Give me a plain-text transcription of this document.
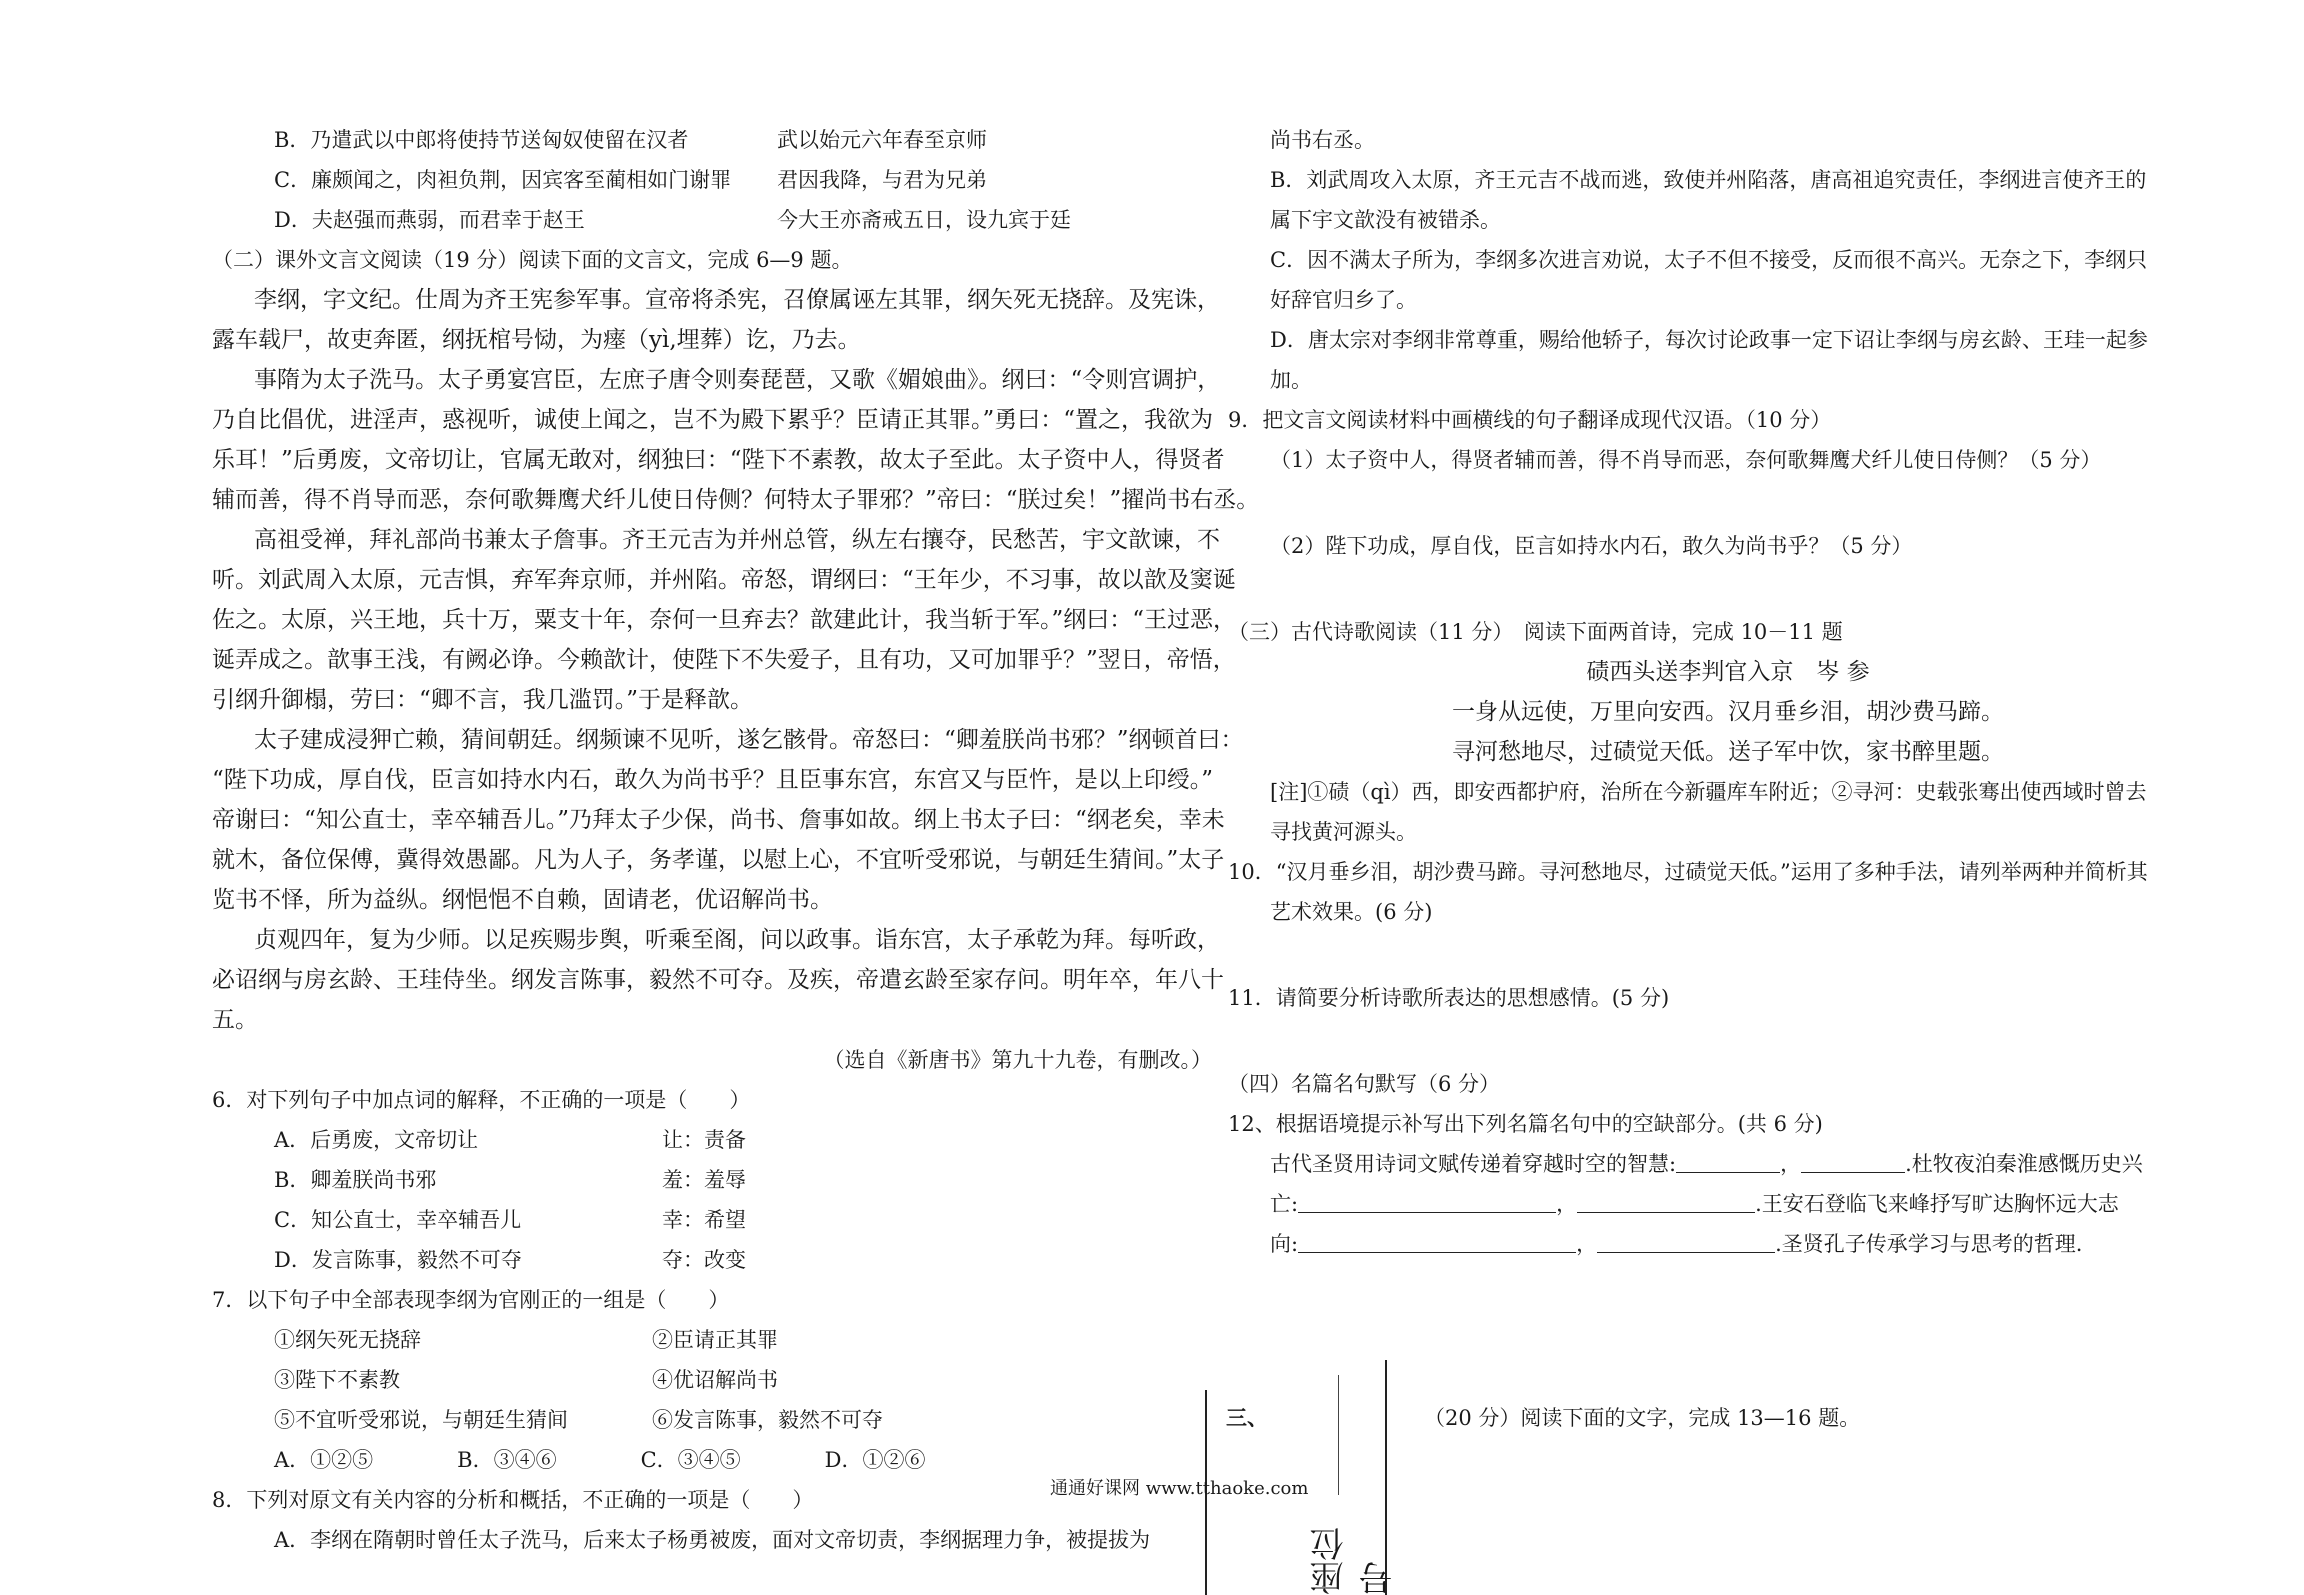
B．乃遣武以中郎将使持节送匈奴使留在汉者	武以始元六年春至京师
C．廉颇闻之，肉袒负荆，因宾客至蔺相如门谢罪 君因我降，与君为兄弟
D．夫赵强而燕弱，而君幸于赵王	今大王亦斋戒五日，设九宾于廷
（二）课外文言文阅读（19 分）阅读下面的文言文，完成 6—9 题。
李纲，字文纪。仕周为齐王宪参军事。宣帝将杀宪，召僚属诬左其罪，纲矢死无挠辞。及宪诛，
露车载尸，故吏奔匿，纲抚棺号恸，为瘗（yì,埋葬）讫，乃去。
事隋为太子洗马。太子勇宴宫臣，左庶子唐令则奏琵琶，又歌《媚娘曲》。纲曰：“令则宫调护，
乃自比倡优，进淫声，惑视听，诚使上闻之，岂不为殿下累乎？臣请正其罪。”勇曰：“置之，我欲为
乐耳！”后勇废，文帝切让，官属无敢对，纲独曰：“陛下不素教，故太子至此。太子资中人，得贤者
辅而善，得不肖导而恶，奈何歌舞鹰犬纤儿使日侍侧？何特太子罪邪？”帝曰：“朕过矣！”擢尚书右丞。
高祖受禅，拜礼部尚书兼太子詹事。齐王元吉为并州总管，纵左右攘夺，民愁苦，宇文歆谏，不
听。刘武周入太原，元吉惧，弃军奔京师，并州陷。帝怒，谓纲曰：“王年少，不习事，故以歆及窦诞
佐之。太原，兴王地，兵十万，粟支十年，奈何一旦弃去？歆建此计，我当斩于军。”纲曰：“王过恶，
诞弄成之。歆事王浅，有阙必诤。今赖歆计，使陛下不失爱子，且有功，又可加罪乎？”翌日，帝悟，
引纲升御榻，劳曰：“卿不言，我几滥罚。”于是释歆。
太子建成浸狎亡赖，猜间朝廷。纲频谏不见听，遂乞骸骨。帝怒曰：“卿羞朕尚书邪？”纲顿首曰：
“陛下功成，厚自伐，臣言如持水内石，敢久为尚书乎？且臣事东宫，东宫又与臣忤，是以上印绶。”
帝谢曰：“知公直士，幸卒辅吾儿。”乃拜太子少保，尚书、詹事如故。纲上书太子曰：“纲老矣，幸未
就木，备位保傅，冀得效愚鄙。凡为人子，务孝谨，以慰上心，不宜听受邪说，与朝廷生猜间。”太子
览书不怿，所为益纵。纲悒悒不自赖，固请老，优诏解尚书。
贞观四年，复为少师。以足疾赐步舆，听乘至阁，问以政事。诣东宫，太子承乾为拜。每听政，
必诏纲与房玄龄、王珪侍坐。纲发言陈事，毅然不可夺。及疾，帝遣玄龄至家存问。明年卒，年八十
五。
（选自《新唐书》第九十九卷，有删改。）
6．对下列句子中加点词的解释，不正确的一项是（　　）
A．后勇废，文帝切让	让：责备
B．卿羞朕尚书邪	羞：羞辱
C．知公直士，幸卒辅吾儿	幸：希望
D．发言陈事，毅然不可夺	夺：改变
7．以下句子中全部表现李纲为官刚正的一组是（　　）
①纲矢死无挠辞	②臣请正其罪
③陛下不素教	④优诏解尚书
⑤不宜听受邪说，与朝廷生猜间	⑥发言陈事，毅然不可夺
A．①②⑤　　　　B．③④⑥　　　　C．③④⑤　　　　D．①②⑥
8．下列对原文有关内容的分析和概括，不正确的一项是（　　）
A．李纲在隋朝时曾任太子洗马，后来太子杨勇被废，面对文帝切责，李纲据理力争，被提拔为
尚书右丞。
B．刘武周攻入太原，齐王元吉不战而逃，致使并州陷落，唐高祖追究责任，李纲进言使齐王的
属下宇文歆没有被错杀。
C．因不满太子所为，李纲多次进言劝说，太子不但不接受，反而很不高兴。无奈之下，李纲只
好辞官归乡了。
D．唐太宗对李纲非常尊重，赐给他轿子，每次讨论政事一定下诏让李纲与房玄龄、王珪一起参
加。
9．把文言文阅读材料中画横线的句子翻译成现代汉语。（10 分）
（1）太子资中人，得贤者辅而善，得不肖导而恶，奈何歌舞鹰犬纤儿使日侍侧？（5 分）
（2）陛下功成，厚自伐，臣言如持水内石，敢久为尚书乎？（5 分）
（三）古代诗歌阅读（11 分）　阅读下面两首诗，完成 10－11 题
碛西头送李判官入京　岑 参
一身从远使，万里向安西。汉月垂乡泪，胡沙费马蹄。
寻河愁地尽，过碛觉天低。送子军中饮，家书醉里题。
[注]①碛（qì）西，即安西都护府，治所在今新疆库车附近；②寻河：史载张骞出使西域时曾去
寻找黄河源头。
10．“汉月垂乡泪，胡沙费马蹄。寻河愁地尽，过碛觉天低。”运用了多种手法，请列举两种并简析其
艺术效果。(6 分)
11．请简要分析诗歌所表达的思想感情。(5 分)
（四）名篇名句默写（6 分）
12、根据语境提示补写出下列名篇名句中的空缺部分。(共 6 分)
古代圣贤用诗词文赋传递着穿越时空的智慧:	，	.杜牧夜泊秦淮感慨历史兴
亡:	，	.王安石登临飞来峰抒写旷达胸怀远大志
向:	，	.圣贤孔子传承学习与思考的哲理.
三、
座位号
（20 分）阅读下面的文字，完成 13—16 题。
通通好课网 www.tthaoke.com
